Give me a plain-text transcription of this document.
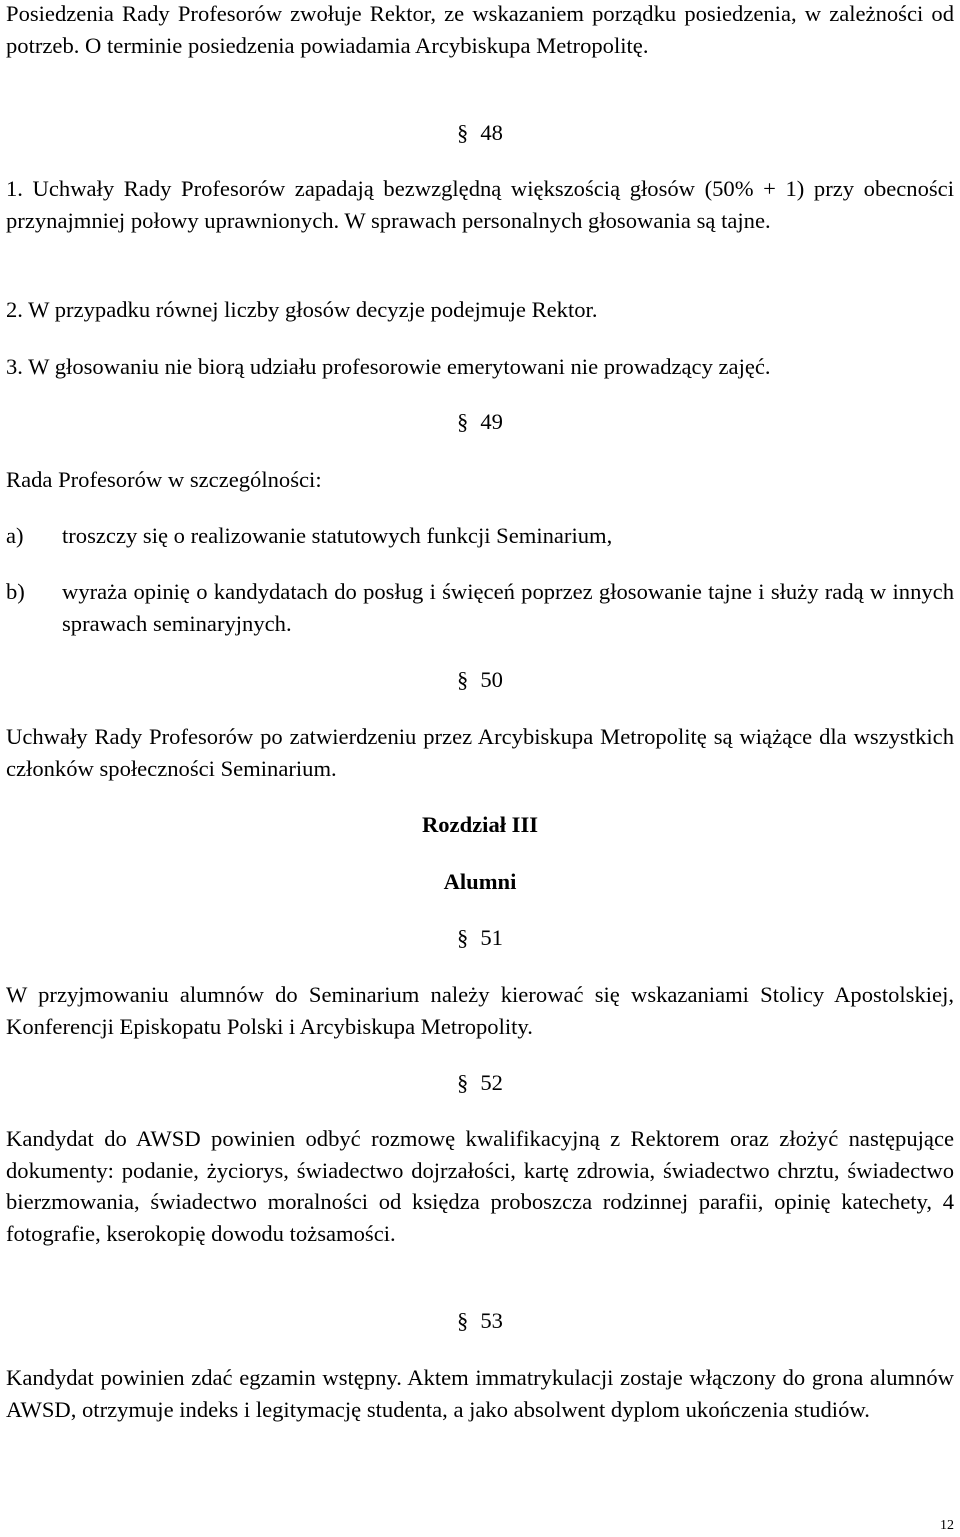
Posiedzenia Rady Profesorów zwołuje Rektor, ze wskazaniem porządku posiedzenia, w zależności od potrzeb. O terminie posiedzenia powiadamia Arcybiskupa Metropolitę.

§ 48

1. Uchwały Rady Profesorów zapadają bezwzględną większością głosów (50% + 1) przy obecności przynajmniej połowy uprawnionych. W sprawach personalnych głosowania są tajne.

2. W przypadku równej liczby głosów decyzje podejmuje Rektor.

3. W głosowaniu nie biorą udziału profesorowie emerytowani nie prowadzący zajęć.

§ 49

Rada Profesorów w szczególności:

a) troszczy się o realizowanie statutowych funkcji Seminarium,
b) wyraża opinię o kandydatach do posług i święceń poprzez głosowanie tajne i służy radą w innych sprawach seminaryjnych.

§ 50

Uchwały Rady Profesorów po zatwierdzeniu przez Arcybiskupa Metropolitę są wiążące dla wszystkich członków społeczności Seminarium.

Rozdział III

Alumni

§ 51

W przyjmowaniu alumnów do Seminarium należy kierować się wskazaniami Stolicy Apostolskiej, Konferencji Episkopatu Polski i Arcybiskupa Metropolity.

§ 52

Kandydat do AWSD powinien odbyć rozmowę kwalifikacyjną z Rektorem oraz złożyć następujące dokumenty: podanie, życiorys, świadectwo dojrzałości, kartę zdrowia, świadectwo chrztu, świadectwo bierzmowania, świadectwo moralności od księdza proboszcza rodzinnej parafii, opinię katechety, 4 fotografie, kserokopię dowodu tożsamości.

§ 53

Kandydat powinien zdać egzamin wstępny. Aktem immatrykulacji zostaje włączony do grona alumnów AWSD, otrzymuje indeks i legitymację studenta, a jako absolwent dyplom ukończenia studiów.

12
